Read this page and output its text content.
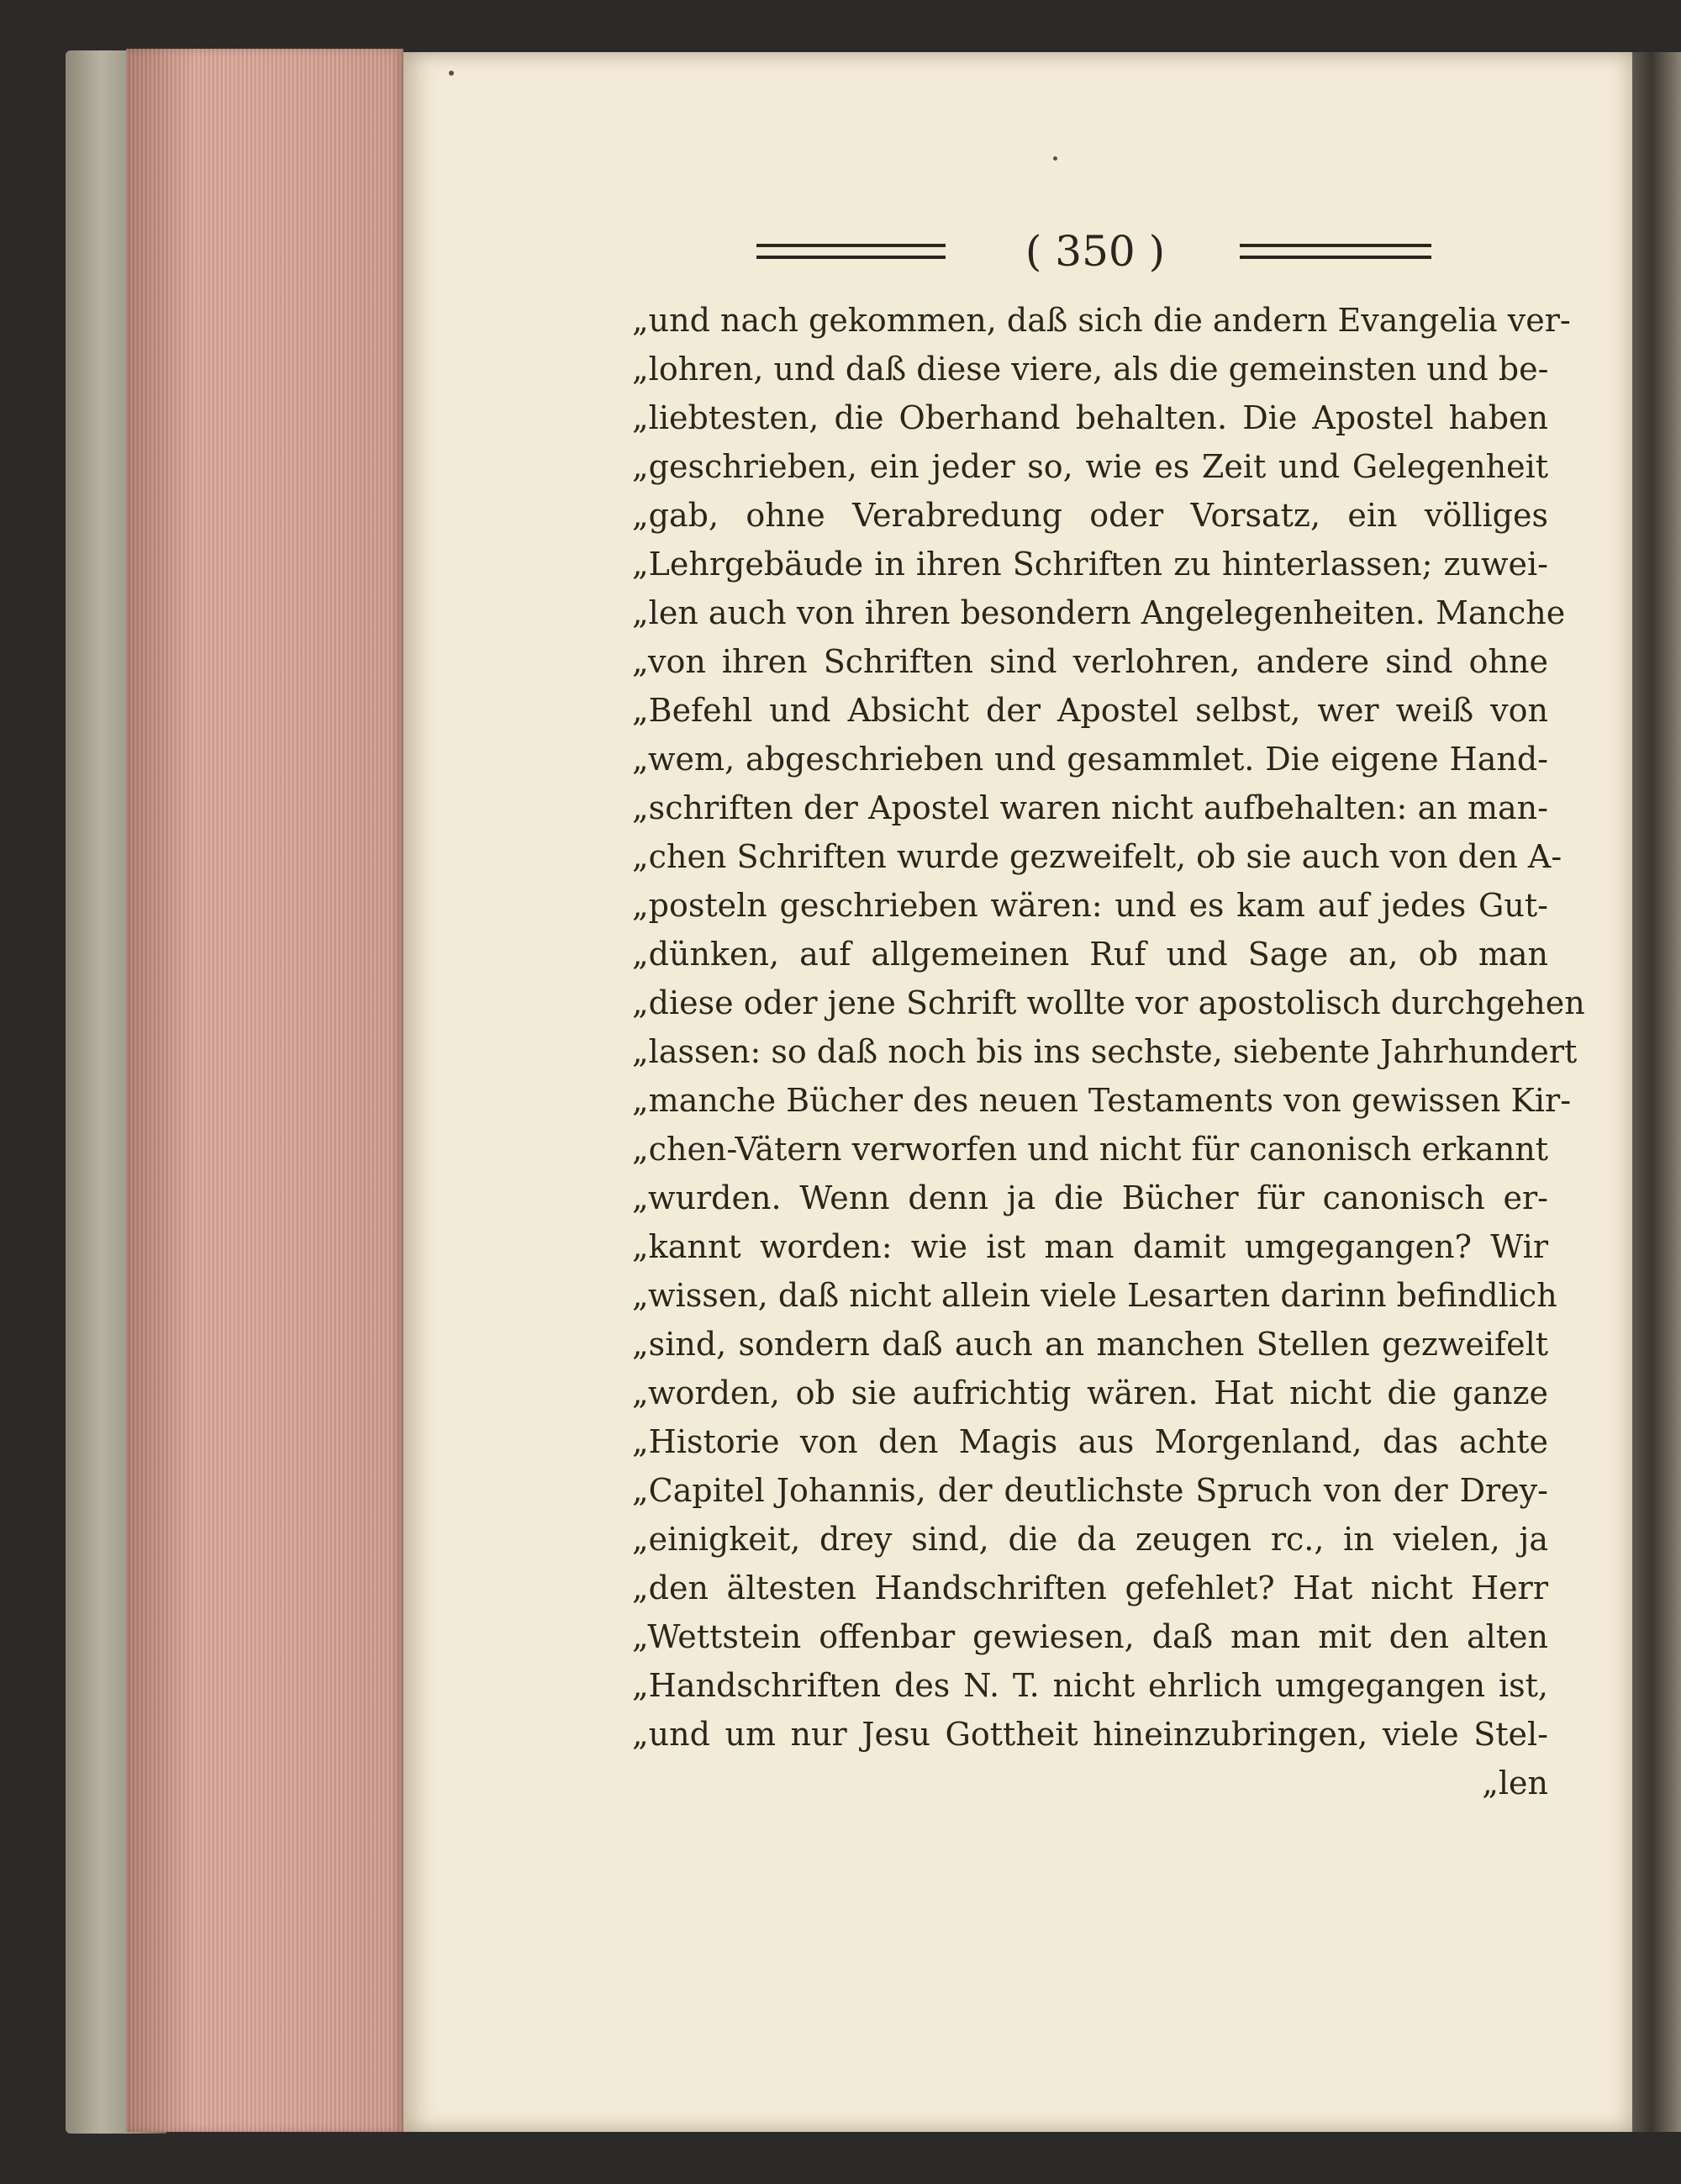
( 350 )
„und nach gekommen, daß sich die andern Evangelia ver-
„lohren, und daß diese viere, als die gemeinsten und be-
„liebtesten, die Oberhand behalten. Die Apostel haben
„geschrieben, ein jeder so, wie es Zeit und Gelegenheit
„gab, ohne Verabredung oder Vorsatz, ein völliges
„Lehrgebäude in ihren Schriften zu hinterlassen; zuwei-
„len auch von ihren besondern Angelegenheiten. Manche
„von ihren Schriften sind verlohren, andere sind ohne
„Befehl und Absicht der Apostel selbst, wer weiß von
„wem, abgeschrieben und gesammlet. Die eigene Hand-
„schriften der Apostel waren nicht aufbehalten: an man-
„chen Schriften wurde gezweifelt, ob sie auch von den A-
„posteln geschrieben wären: und es kam auf jedes Gut-
„dünken, auf allgemeinen Ruf und Sage an, ob man
„diese oder jene Schrift wollte vor apostolisch durchgehen
„lassen: so daß noch bis ins sechste, siebente Jahrhundert
„manche Bücher des neuen Testaments von gewissen Kir-
„chen-Vätern verworfen und nicht für canonisch erkannt
„wurden. Wenn denn ja die Bücher für canonisch er-
„kannt worden: wie ist man damit umgegangen? Wir
„wissen, daß nicht allein viele Lesarten darinn befindlich
„sind, sondern daß auch an manchen Stellen gezweifelt
„worden, ob sie aufrichtig wären. Hat nicht die ganze
„Historie von den Magis aus Morgenland, das achte
„Capitel Johannis, der deutlichste Spruch von der Drey-
„einigkeit, drey sind, die da zeugen rc., in vielen, ja
„den ältesten Handschriften gefehlet? Hat nicht Herr
„Wettstein offenbar gewiesen, daß man mit den alten
„Handschriften des N. T. nicht ehrlich umgegangen ist,
„und um nur Jesu Gottheit hineinzubringen, viele Stel-
„len
